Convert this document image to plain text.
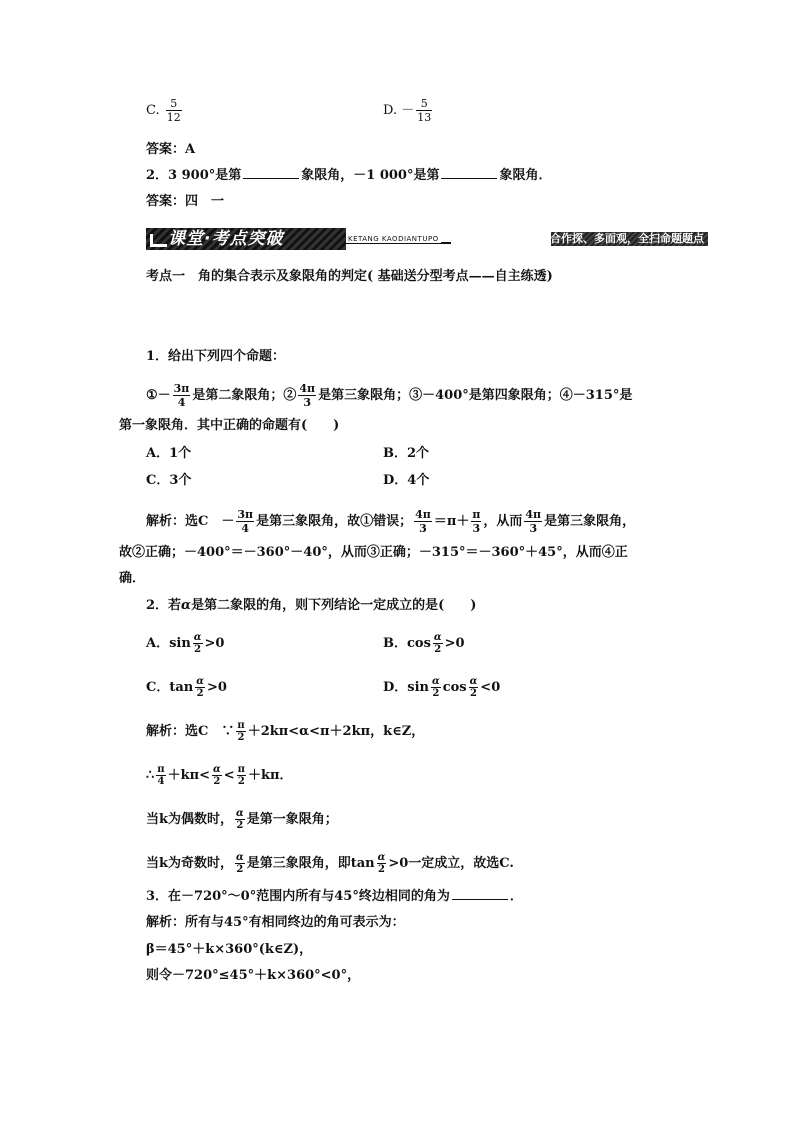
C. $\frac{5}{12}$	D. － $\frac{5}{13}$
答案：A
2．3 900°是第	象限角，－1 000°是第	象限角．
答案：四　一
课堂·考点突破	自主研、合作探、多面观，全扫命题题点
KETANG KAODIANTUPO
考点一　角的集合表示及象限角的判定( 基础送分型考点——自主练透)
1．给出下列四个命题：
①－ $\frac{3\pi}{4}$ 是第二象限角；② $\frac{4\pi}{3}$ 是第三象限角；③－400°是第四象限角；④－315°是
第一象限角．其中正确的命题有(　　)
A．1个	B．2个
C．3个	D．4个
解析：选C　－ $\frac{3\pi}{4}$ 是第三象限角，故①错误； $\frac{4\pi}{3} =\pi+ \frac{\pi}{3}$ ，从而 $\frac{4\pi}{3}$ 是第三象限角，
故②正确；－400°＝－360°－40°，从而③正确；－315°＝－360°＋45°，从而④正
确．
2．若α是第二象限的角，则下列结论一定成立的是(　　)
A．$\sin \frac{\alpha}{2} >0$	B．$\cos \frac{\alpha}{2} >0$
C．$\tan \frac{\alpha}{2} >0$	D．$\sin \frac{\alpha}{2}$ $\cos \frac{\alpha}{2} <0$
解析：选C　∵ $\frac{\pi}{2} +2k\pi<\alpha<\pi+2k\pi$，k∈Z，
∴ $\frac{\pi}{4} +k\pi< \frac{\alpha}{2} < \frac{\pi}{2} +k\pi$．
当k为偶数时， $\frac{\alpha}{2}$ 是第一象限角；
当k为奇数时， $\frac{\alpha}{2}$ 是第三象限角，即$\tan \frac{\alpha}{2} >0$一定成立，故选C.
3．在－720°～0°范围内所有与45°终边相同的角为	．
解析：所有与45°有相同终边的角可表示为：
β＝45°＋k×360°(k∈Z)，
则令－720°≤45°＋k×360°<0°，
